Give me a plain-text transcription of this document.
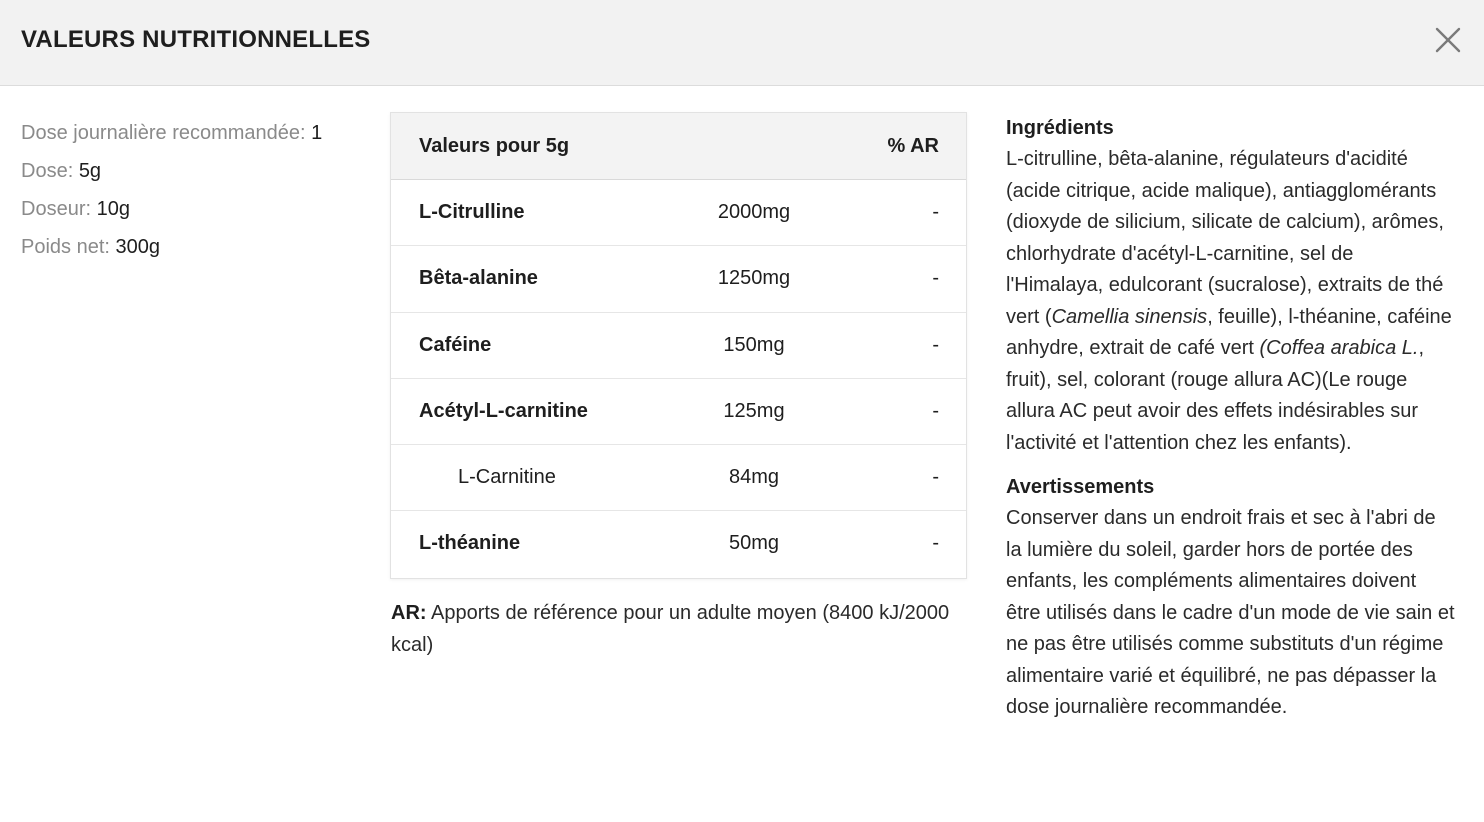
VALEURS NUTRITIONNELLES
Dose journalière recommandée: 1
Dose: 5g
Doseur: 10g
Poids net: 300g
Valeurs pour 5g	% AR
L-Citrulline	2000mg	-
Bêta-alanine	1250mg	-
Caféine	150mg	-
Acétyl-L-carnitine	125mg	-
L-Carnitine	84mg	-
L-théanine	50mg	-
AR: Apports de référence pour un adulte moyen (8400 kJ/2000 kcal)
Ingrédients
L-citrulline, bêta-alanine, régulateurs d'acidité (acide citrique, acide malique), antiagglomérants (dioxyde de silicium, silicate de calcium), arômes, chlorhydrate d'acétyl-L-carnitine, sel de l'Himalaya, edulcorant (sucralose), extraits de thé vert (Camellia sinensis, feuille), l-théanine, caféine anhydre, extrait de café vert (Coffea arabica L., fruit), sel, colorant (rouge allura AC)(Le rouge allura AC peut avoir des effets indésirables sur l'activité et l'attention chez les enfants).
Avertissements
Conserver dans un endroit frais et sec à l'abri de la lumière du soleil, garder hors de portée des enfants, les compléments alimentaires doivent être utilisés dans le cadre d'un mode de vie sain et ne pas être utilisés comme substituts d'un régime alimentaire varié et équilibré, ne pas dépasser la dose journalière recommandée.
